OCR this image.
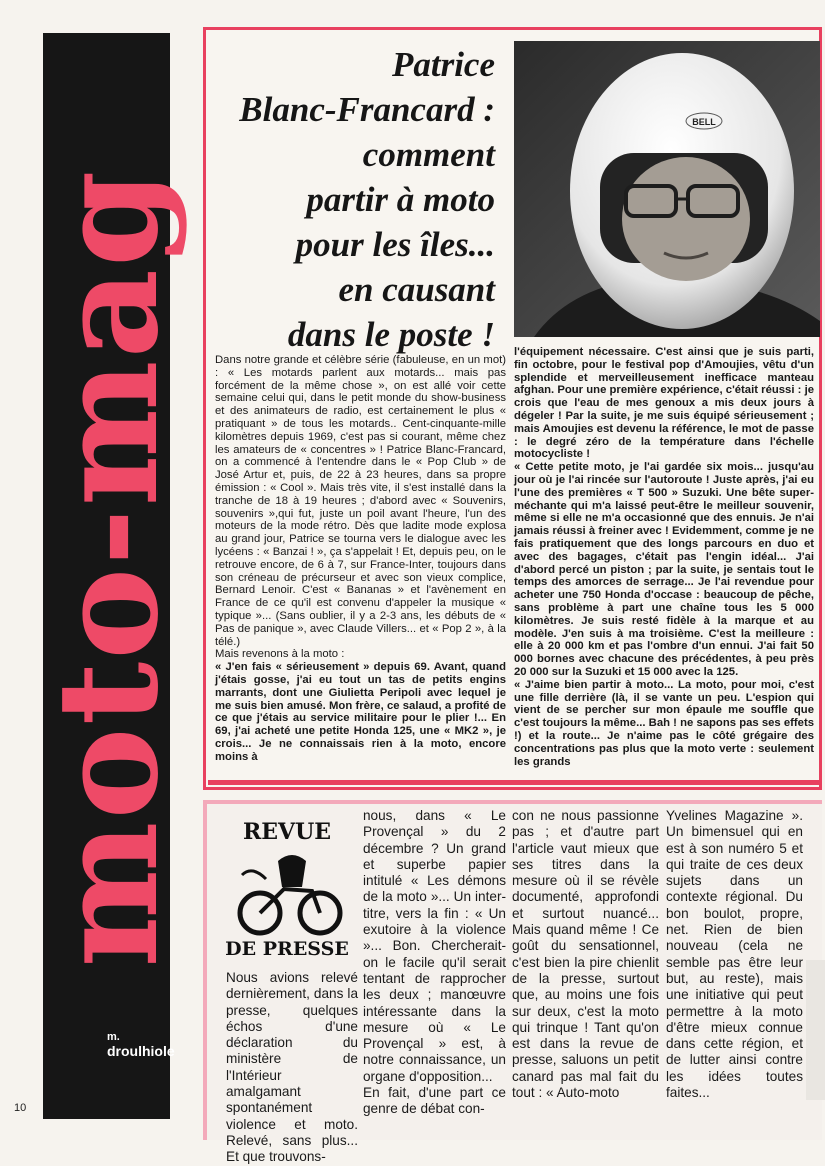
moto-mag
m.
droulhiole
10
Patrice
Blanc-Francard :
comment
partir à moto
pour les îles...
en causant
dans le poste !
BELL

Dans notre grande et célèbre série (fabuleuse, en un mot) : « Les motards parlent aux motards... mais pas forcément de la même chose », on est allé voir cette semaine celui qui, dans le petit monde du show-business et des animateurs de radio, est certainement le plus « pratiquant » de tous les motards.. Cent-cinquante-mille kilomètres depuis 1969, c'est pas si courant, même chez les amateurs de « concentres » ! Patrice Blanc-Francard, on a commencé à l'entendre dans le « Pop Club » de José Artur et, puis, de 22 à 23 heures, dans sa propre émission : « Cool ». Mais très vite, il s'est installé dans la tranche de 18 à 19 heures ; d'abord avec « Souvenirs, souvenirs »,qui fut, juste un poil avant l'heure, l'un des moteurs de la mode rétro. Dès que ladite mode explosa au grand jour, Patrice se tourna vers le dialogue avec les lycéens : « Banzai ! », ça s'appelait ! Et, depuis peu, on le retrouve encore, de 6 à 7, sur France-Inter, toujours dans son créneau de précurseur et avec son vieux complice, Bernard Lenoir. C'est « Bananas » et l'avènement en France de ce qu'il est convenu d'appeler la musique « typique »... (Sans oublier, il y a 2-3 ans, les débuts de « Pas de panique », avec Claude Villers... et « Pop 2 », à la télé.)

Mais revenons à la moto :

« J'en fais « sérieusement » depuis 69. Avant, quand j'étais gosse, j'ai eu tout un tas de petits engins marrants, dont une Giulietta Peripoli avec lequel je me suis bien amusé. Mon frère, ce salaud, a profité de ce que j'étais au service militaire pour le plier !... En 69, j'ai acheté une petite Honda 125, une « MK2 », je crois... Je ne connaissais rien à la moto, encore moins à

l'équipement nécessaire. C'est ainsi que je suis parti, fin octobre, pour le festival pop d'Amoujies, vêtu d'un splendide et merveilleusement inefficace manteau afghan. Pour une première expérience, c'était réussi : je crois que l'eau de mes genoux a mis deux jours à dégeler ! Par la suite, je me suis équipé sérieusement ; mais Amoujies est devenu la référence, le mot de passe : le degré zéro de la température dans l'échelle motocycliste !

« Cette petite moto, je l'ai gardée six mois... jusqu'au jour où je l'ai rincée sur l'autoroute ! Juste après, j'ai eu l'une des premières « T 500 » Suzuki. Une bête super-méchante qui m'a laissé peut-être le meilleur souvenir, même si elle ne m'a occasionné que des ennuis. Je n'ai jamais réussi à freiner avec ! Evidemment, comme je ne fais pratiquement que des longs parcours en duo et avec des bagages, c'était pas l'engin idéal... J'ai d'abord percé un piston ; par la suite, je sentais tout le temps des amorces de serrage... Je l'ai revendue pour acheter une 750 Honda d'occase : beaucoup de pêche, sans problème à part une chaîne tous les 5 000 kilomètres. Je suis resté fidèle à la marque et au modèle. J'en suis à ma troisième. C'est la meilleure : elle à 20 000 km et pas l'ombre d'un ennui. J'ai fait 50 000 bornes avec chacune des précédentes, à peu près 20 000 sur la Suzuki et 15 000 avec la 125.

« J'aime bien partir à moto... La moto, pour moi, c'est une fille derrière (là, il se vante un peu. L'espion qui vient de se percher sur mon épaule me souffle que c'est toujours la même... Bah ! ne sapons pas ses effets !) et la route... Je n'aime pas le côté grégaire des concentrations pas plus que la moto verte : seulement les grands

REVUE
DE PRESSE

Nous avions relevé dernièrement, dans la presse, quelques échos d'une déclaration du ministère de l'Intérieur amalgamant spontanément violence et moto. Relevé, sans plus... Et que trouvons-

nous, dans « Le Provençal » du 2 décembre ? Un grand et superbe papier intitulé « Les démons de la moto »... Un inter-titre, vers la fin : « Un exutoire à la violence »... Bon. Chercherait-on le facile qu'il serait tentant de rapprocher les deux ; manœuvre intéressante dans la mesure où « Le Provençal » est, à notre connaissance, un organe d'opposition...

En fait, d'une part ce genre de débat con-

con ne nous passionne pas ; et d'autre part l'article vaut mieux que ses titres dans la mesure où il se révèle documenté, approfondi et surtout nuancé... Mais quand même ! Ce goût du sensationnel, c'est bien la pire chienlit de la presse, surtout que, au moins une fois sur deux, c'est la moto qui trinque ! Tant qu'on est dans la revue de presse, saluons un petit canard pas mal fait du tout : « Auto-moto

Yvelines Magazine ». Un bimensuel qui en est à son numéro 5 et qui traite de ces deux sujets dans un contexte régional. Du bon boulot, propre, net. Rien de bien nouveau (cela ne semble pas être leur but, au reste), mais une initiative qui peut permettre à la moto d'être mieux connue dans cette région, et de lutter ainsi contre les idées toutes faites...
